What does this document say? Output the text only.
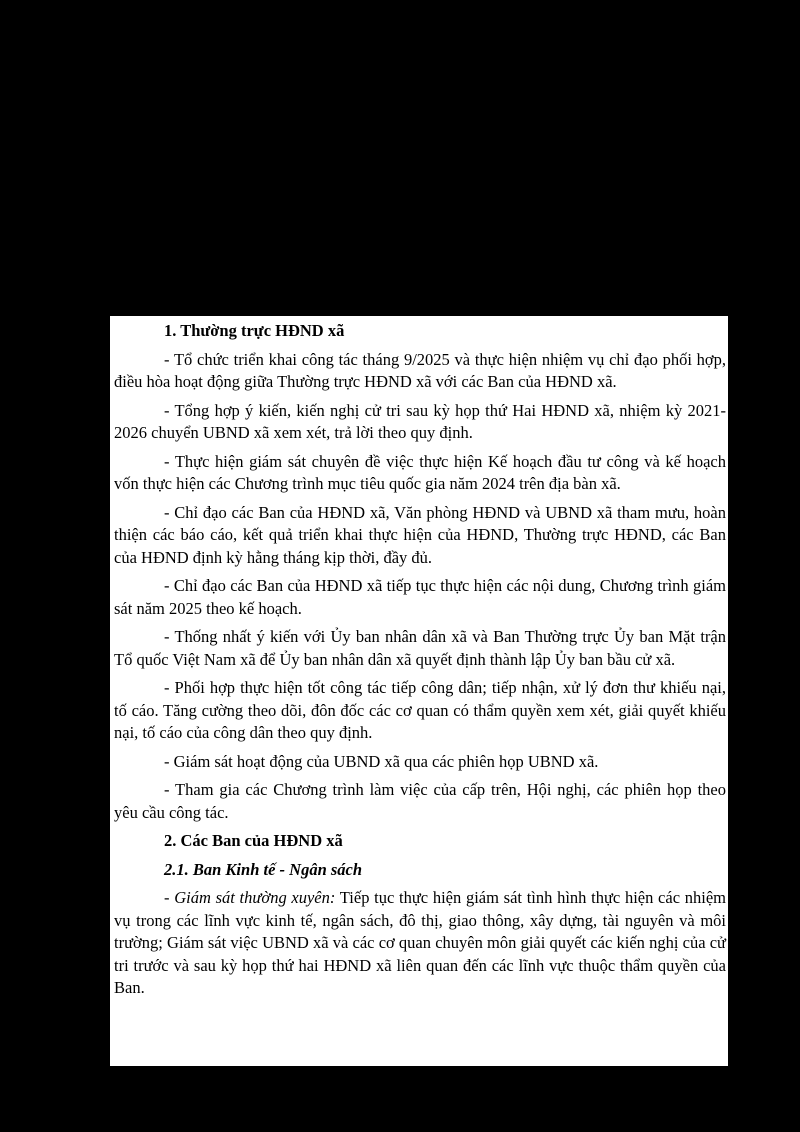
1. Thường trực HĐND xã
- Tổ chức triển khai công tác tháng 9/2025 và thực hiện nhiệm vụ chỉ đạo phối hợp, điều hòa hoạt động giữa Thường trực HĐND xã với các Ban của HĐND xã.
- Tổng hợp ý kiến, kiến nghị cử tri sau kỳ họp thứ Hai HĐND xã, nhiệm kỳ 2021- 2026 chuyển UBND xã xem xét, trả lời theo quy định.
- Thực hiện giám sát chuyên đề việc thực hiện Kế hoạch đầu tư công và kế hoạch vốn thực hiện các Chương trình mục tiêu quốc gia năm 2024 trên địa bàn xã.
- Chỉ đạo các Ban của HĐND xã, Văn phòng HĐND và UBND xã tham mưu, hoàn thiện các báo cáo, kết quả triển khai thực hiện của HĐND, Thường trực HĐND, các Ban của HĐND định kỳ hằng tháng kịp thời, đầy đủ.
- Chỉ đạo các Ban của HĐND xã tiếp tục thực hiện các nội dung, Chương trình giám sát năm 2025 theo kế hoạch.
- Thống nhất ý kiến với Ủy ban nhân dân xã và Ban Thường trực Ủy ban Mặt trận Tổ quốc Việt Nam xã để Ủy ban nhân dân xã quyết định thành lập Ủy ban bầu cử xã.
- Phối hợp thực hiện tốt công tác tiếp công dân; tiếp nhận, xử lý đơn thư khiếu nại, tố cáo. Tăng cường theo dõi, đôn đốc các cơ quan có thẩm quyền xem xét, giải quyết khiếu nại, tố cáo của công dân theo quy định.
- Giám sát hoạt động của UBND xã qua các phiên họp UBND xã.
- Tham gia các Chương trình làm việc của cấp trên, Hội nghị, các phiên họp theo yêu cầu công tác.
2. Các Ban của HĐND xã
2.1. Ban Kinh tế - Ngân sách
- Giám sát thường xuyên: Tiếp tục thực hiện giám sát tình hình thực hiện các nhiệm vụ trong các lĩnh vực kinh tế, ngân sách, đô thị, giao thông, xây dựng, tài nguyên và môi trường; Giám sát việc UBND xã và các cơ quan chuyên môn giải quyết các kiến nghị của cử tri trước và sau kỳ họp thứ hai HĐND xã liên quan đến các lĩnh vực thuộc thẩm quyền của Ban.
